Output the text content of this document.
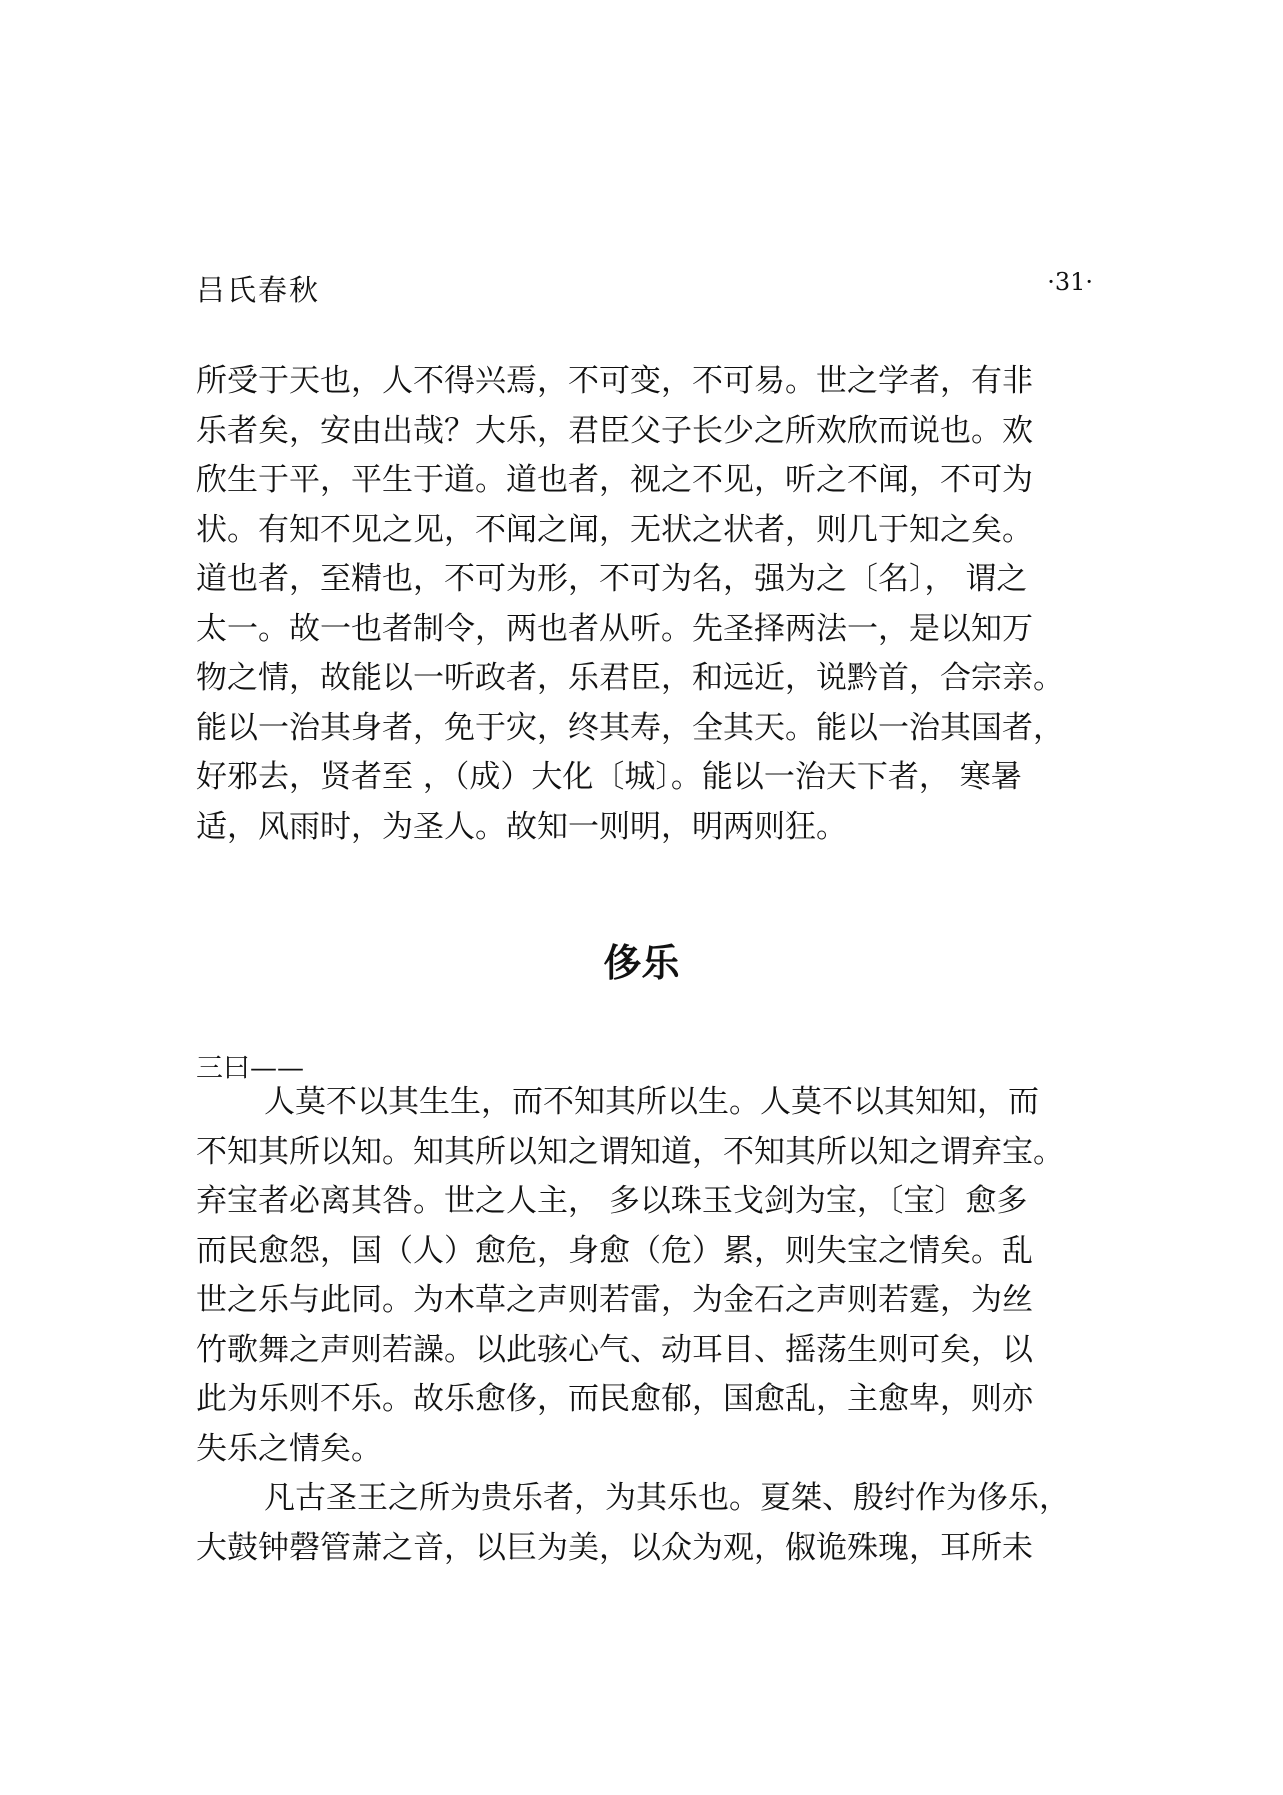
吕氏春秋	·31·
所受于天也，人不得兴焉，不可变，不可易。世之学者，有非
乐者矣，安由出哉？大乐，君臣父子长少之所欢欣而说也。欢
欣生于平，平生于道。道也者，视之不见，听之不闻，不可为
状。有知不见之见，不闻之闻，无状之状者，则几于知之矣。
道也者，至精也，不可为形，不可为名，强为之〔名〕， 谓之
太一。故一也者制令，两也者从听。先圣择两法一，是以知万
物之情，故能以一听政者，乐君臣，和远近，说黔首，合宗亲。
能以一治其身者，免于灾，终其寿，全其天。能以一治其国者，
好邪去，贤者至 ，（成）大化〔城〕。能以一治天下者， 寒暑
适，风雨时，为圣人。故知一则明，明两则狂。
侈乐
三曰——
人莫不以其生生，而不知其所以生。人莫不以其知知，而
不知其所以知。知其所以知之谓知道，不知其所以知之谓弃宝。
弃宝者必离其咎。世之人主， 多以珠玉戈剑为宝，〔宝〕愈多
而民愈怨，国（人）愈危，身愈（危）累，则失宝之情矣。乱
世之乐与此同。为木草之声则若雷，为金石之声则若霆，为丝
竹歌舞之声则若譟。以此骇心气、动耳目、摇荡生则可矣，以
此为乐则不乐。故乐愈侈，而民愈郁，国愈乱，主愈卑，则亦
失乐之情矣。
凡古圣王之所为贵乐者，为其乐也。夏桀、殷纣作为侈乐，
大鼓钟磬管萧之音，以巨为美，以众为观，俶诡殊瑰，耳所未
